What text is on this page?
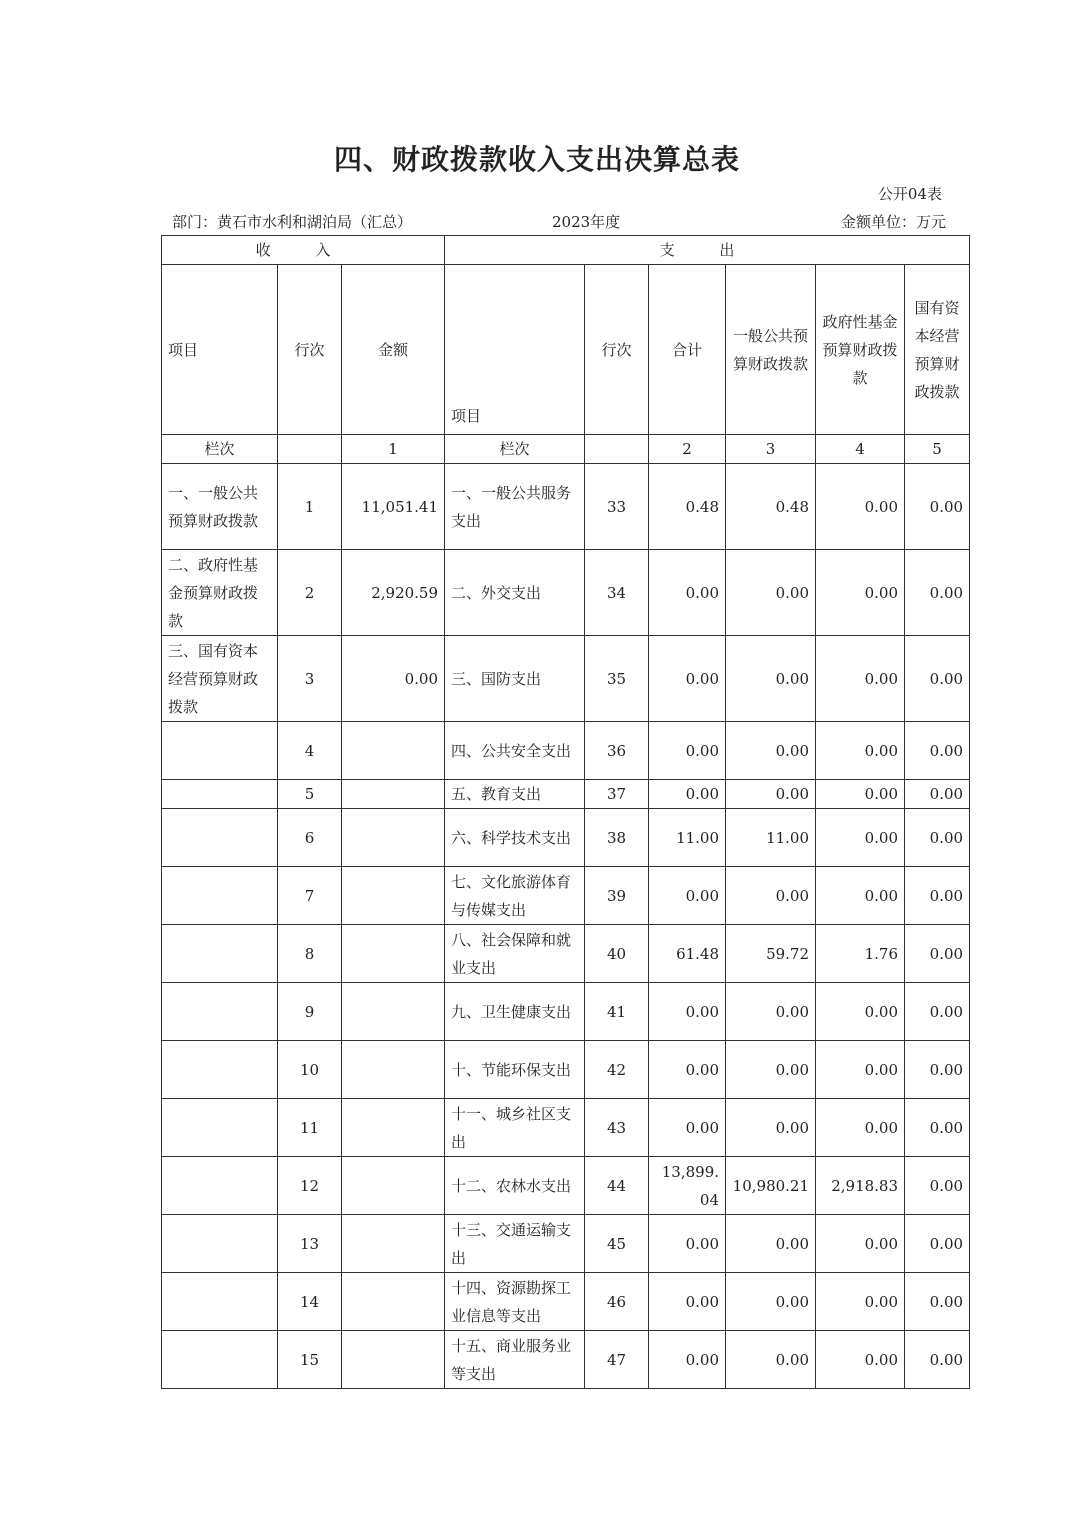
四、财政拨款收入支出决算总表
公开04表
部门：黄石市水利和湖泊局（汇总）	2023年度	金额单位：万元
收 入			支 出					
项目	行次	金额	项目	行次	合计	一般公共预算财政拨款	政府性基金预算财政拨款	国有资本经营预算财政拨款
栏次		1	栏次		2	3	4	5
一、一般公共预算财政拨款	1	11,051.41	一、一般公共服务支出	33	0.48	0.48	0.00	0.00
二、政府性基金预算财政拨款	2	2,920.59	二、外交支出	34	0.00	0.00	0.00	0.00
三、国有资本经营预算财政拨款	3	0.00	三、国防支出	35	0.00	0.00	0.00	0.00
	4		四、公共安全支出	36	0.00	0.00	0.00	0.00
	5		五、教育支出	37	0.00	0.00	0.00	0.00
	6		六、科学技术支出	38	11.00	11.00	0.00	0.00
	7		七、文化旅游体育与传媒支出	39	0.00	0.00	0.00	0.00
	8		八、社会保障和就业支出	40	61.48	59.72	1.76	0.00
	9		九、卫生健康支出	41	0.00	0.00	0.00	0.00
	10		十、节能环保支出	42	0.00	0.00	0.00	0.00
	11		十一、城乡社区支出	43	0.00	0.00	0.00	0.00
	12		十二、农林水支出	44	13,899.04	10,980.21	2,918.83	0.00
	13		十三、交通运输支出	45	0.00	0.00	0.00	0.00
	14		十四、资源勘探工业信息等支出	46	0.00	0.00	0.00	0.00
	15		十五、商业服务业等支出	47	0.00	0.00	0.00	0.00
